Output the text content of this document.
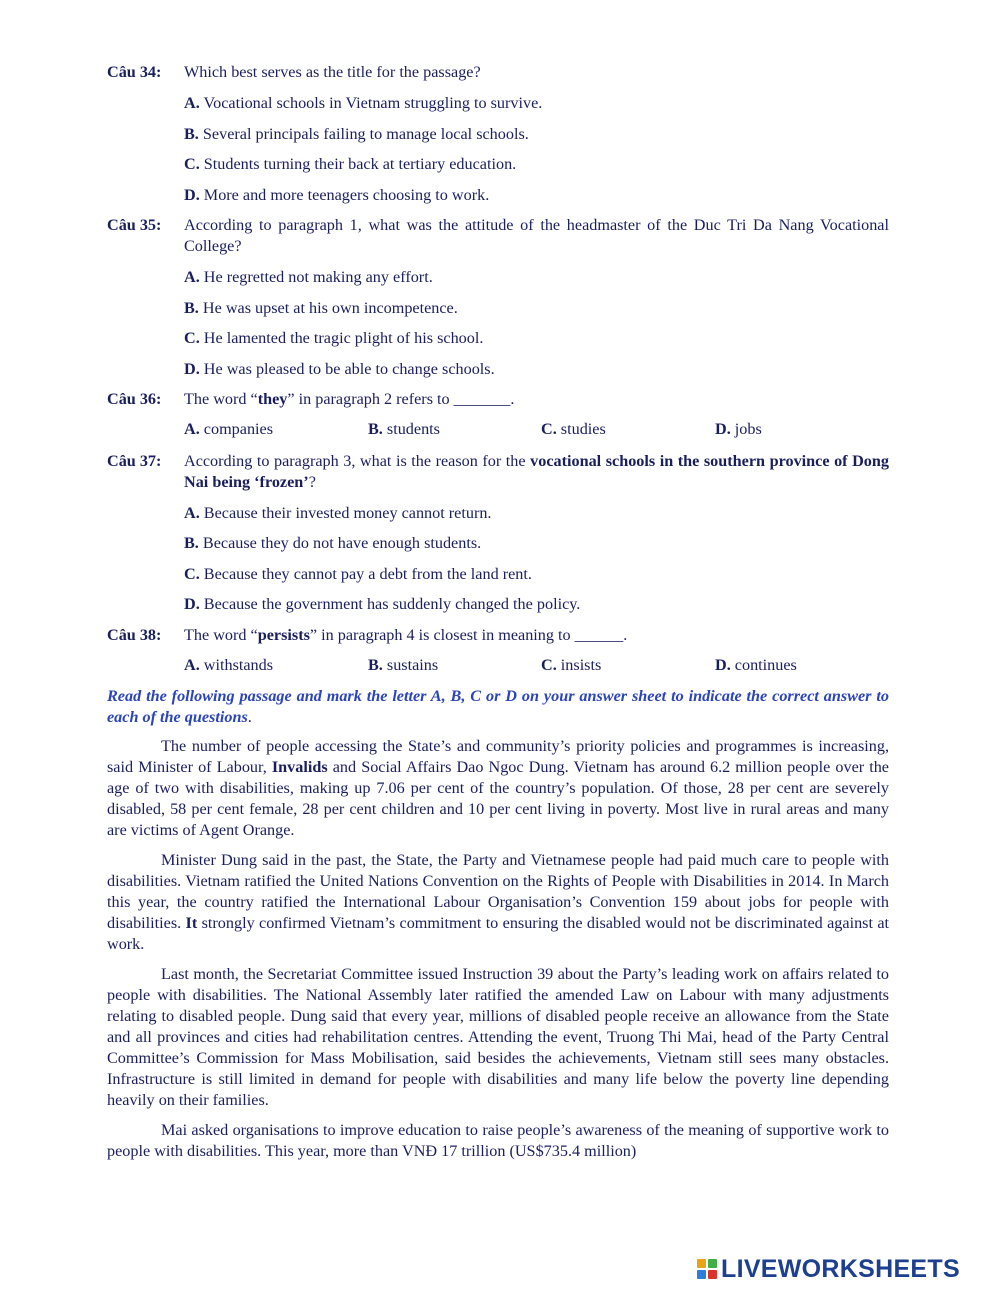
Câu 34: Which best serves as the title for the passage?
A. Vocational schools in Vietnam struggling to survive.
B. Several principals failing to manage local schools.
C. Students turning their back at tertiary education.
D. More and more teenagers choosing to work.
Câu 35: According to paragraph 1, what was the attitude of the headmaster of the Duc Tri Da Nang Vocational College?
A. He regretted not making any effort.
B. He was upset at his own incompetence.
C. He lamented the tragic plight of his school.
D. He was pleased to be able to change schools.
Câu 36: The word “they” in paragraph 2 refers to _______.
A. companies	B. students	C. studies	D. jobs
Câu 37: According to paragraph 3, what is the reason for the vocational schools in the southern province of Dong Nai being ‘frozen’?
A. Because their invested money cannot return.
B. Because they do not have enough students.
C. Because they cannot pay a debt from the land rent.
D. Because the government has suddenly changed the policy.
Câu 38: The word “persists” in paragraph 4 is closest in meaning to ______.
A. withstands	B. sustains	C. insists	D. continues
Read the following passage and mark the letter A, B, C or D on your answer sheet to indicate the correct answer to each of the questions.
The number of people accessing the State’s and community’s priority policies and programmes is increasing, said Minister of Labour, Invalids and Social Affairs Dao Ngoc Dung. Vietnam has around 6.2 million people over the age of two with disabilities, making up 7.06 per cent of the country’s population. Of those, 28 per cent are severely disabled, 58 per cent female, 28 per cent children and 10 per cent living in poverty. Most live in rural areas and many are victims of Agent Orange.
Minister Dung said in the past, the State, the Party and Vietnamese people had paid much care to people with disabilities. Vietnam ratified the United Nations Convention on the Rights of People with Disabilities in 2014. In March this year, the country ratified the International Labour Organisation’s Convention 159 about jobs for people with disabilities. It strongly confirmed Vietnam’s commitment to ensuring the disabled would not be discriminated against at work.
Last month, the Secretariat Committee issued Instruction 39 about the Party’s leading work on affairs related to people with disabilities. The National Assembly later ratified the amended Law on Labour with many adjustments relating to disabled people. Dung said that every year, millions of disabled people receive an allowance from the State and all provinces and cities had rehabilitation centres. Attending the event, Truong Thi Mai, head of the Party Central Committee’s Commission for Mass Mobilisation, said besides the achievements, Vietnam still sees many obstacles. Infrastructure is still limited in demand for people with disabilities and many life below the poverty line depending heavily on their families.
Mai asked organisations to improve education to raise people’s awareness of the meaning of supportive work to people with disabilities. This year, more than VNĐ 17 trillion (US$735.4 million)
LIVEWORKSHEETS
